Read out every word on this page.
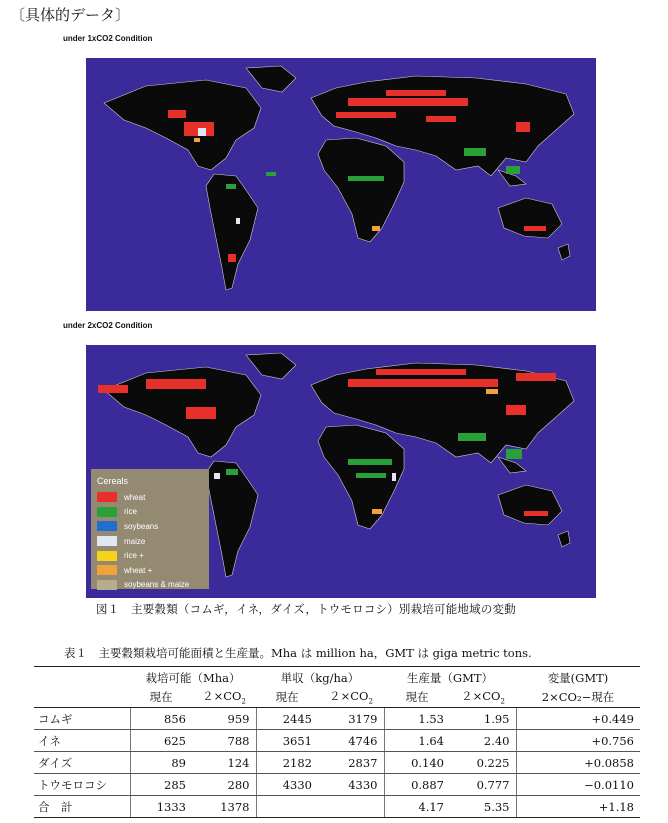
〔具体的データ〕
under 1xCO2 Condition
under 2xCO2 Condition
Cereals
wheat
rice
soybeans
maize
rice +
wheat +
soybeans & maize
図１　主要穀類（コムギ，イネ，ダイズ，トウモロコシ）別栽培可能地域の変動
表１　主要穀類栽培可能面積と生産量。Mha は million ha，GMT は giga metric tons.
	栽培可能（Mha）		単収（kg/ha）		生産量（GMT）		変量(GMT)
	現在	$2\times CO_2$	現在	$2\times CO_2$	現在	$2\times CO_2$	2×CO₂−現在
コムギ	856	959	2445	3179	1.53	1.95	+0.449
イネ	625	788	3651	4746	1.64	2.40	+0.756
ダイズ	89	124	2182	2837	0.140	0.225	+0.0858
トウモロコシ	285	280	4330	4330	0.887	0.777	−0.0110
合　計	1333	1378			4.17	5.35	+1.18
